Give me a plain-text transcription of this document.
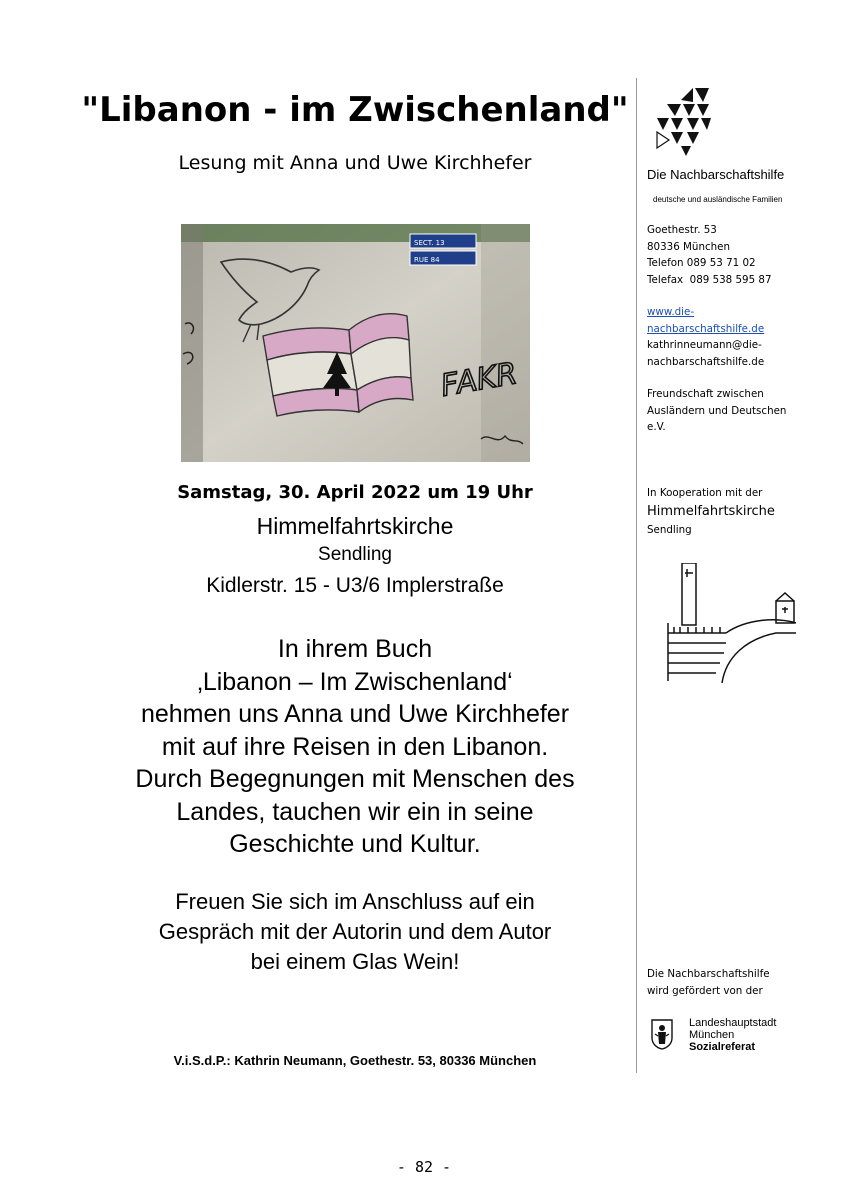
"Libanon - im Zwischenland"
Lesung mit Anna und Uwe Kirchhefer
SECT. 13
RUE 84
FAKR
Samstag, 30. April 2022 um 19 Uhr
Himmelfahrtskirche
Sendling
Kidlerstr. 15 - U3/6 Implerstraße
In ihrem Buch
‚Libanon – Im Zwischenland‘
nehmen uns Anna und Uwe Kirchhefer
mit auf ihre Reisen in den Libanon.
Durch Begegnungen mit Menschen des
Landes, tauchen wir ein in seine
Geschichte und Kultur.
Freuen Sie sich im Anschluss auf ein
Gespräch mit der Autorin und dem Autor
bei einem Glas Wein!
V.i.S.d.P.: Kathrin Neumann, Goethestr. 53, 80336 München
Die Nachbarschaftshilfe
deutsche und ausländische Familien
Goethestr. 53
80336 München
Telefon 089 53 71 02
Telefax  089 538 595 87
www.die-
nachbarschaftshilfe.de
kathrinneumann@die-
nachbarschaftshilfe.de
Freundschaft zwischen
Ausländern und Deutschen
e.V.
In Kooperation mit der
Himmelfahrtskirche
Sendling
Die Nachbarschaftshilfe
wird gefördert von der
Landeshauptstadt
München
Sozialreferat
- 82 -
